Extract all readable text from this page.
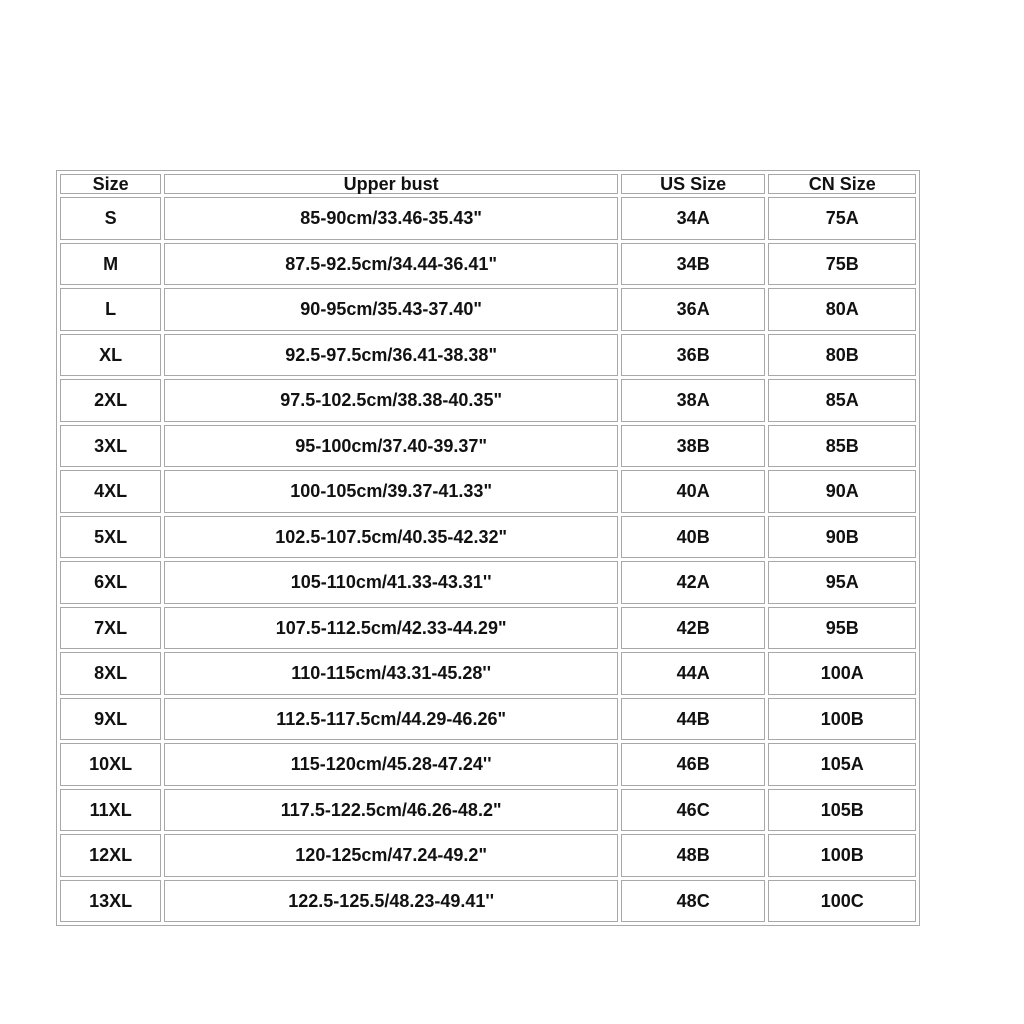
Size	Upper bust	US Size	CN Size
S	85-90cm/33.46-35.43"	34A	75A
M	87.5-92.5cm/34.44-36.41"	34B	75B
L	90-95cm/35.43-37.40"	36A	80A
XL	92.5-97.5cm/36.41-38.38"	36B	80B
2XL	97.5-102.5cm/38.38-40.35"	38A	85A
3XL	95-100cm/37.40-39.37"	38B	85B
4XL	100-105cm/39.37-41.33"	40A	90A
5XL	102.5-107.5cm/40.35-42.32"	40B	90B
6XL	105-110cm/41.33-43.31''	42A	95A
7XL	107.5-112.5cm/42.33-44.29"	42B	95B
8XL	110-115cm/43.31-45.28''	44A	100A
9XL	112.5-117.5cm/44.29-46.26"	44B	100B
10XL	115-120cm/45.28-47.24''	46B	105A
11XL	117.5-122.5cm/46.26-48.2"	46C	105B
12XL	120-125cm/47.24-49.2"	48B	100B
13XL	122.5-125.5/48.23-49.41''	48C	100C
